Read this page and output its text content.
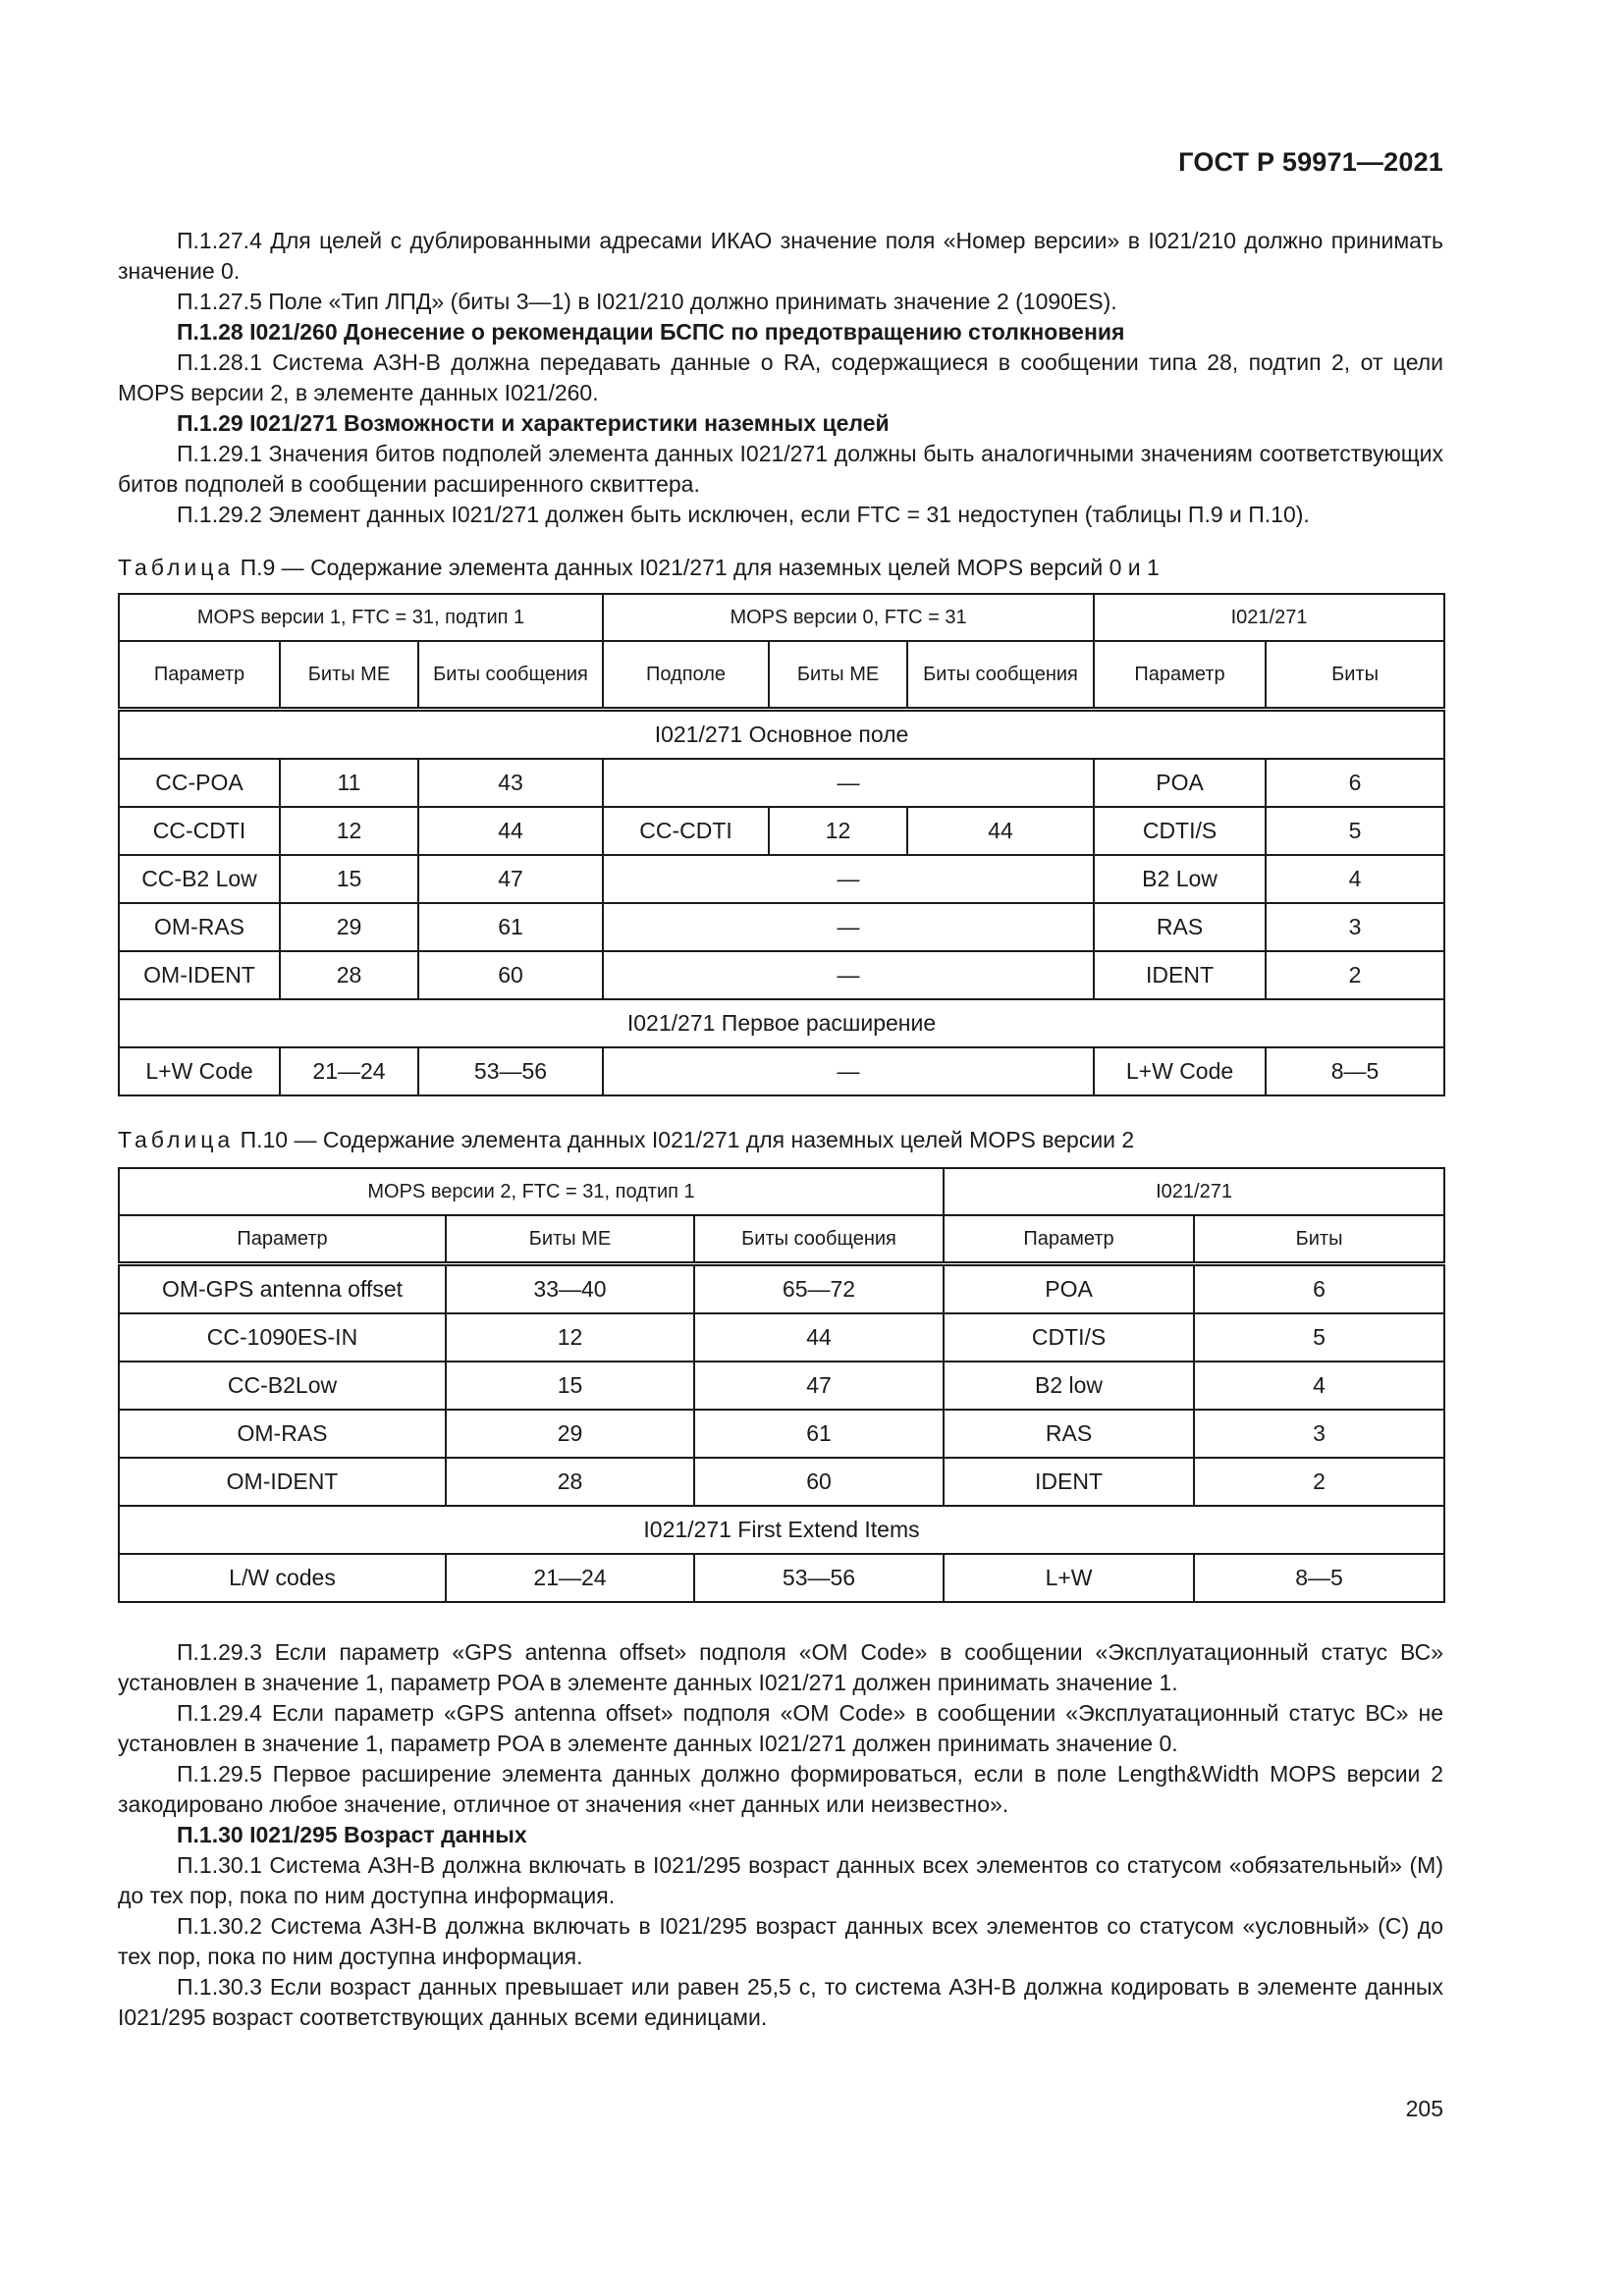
ГОСТ Р 59971—2021

П.1.27.4 Для целей с дублированными адресами ИКАО значение поля «Номер версии» в I021/210 должно принимать значение 0.

П.1.27.5 Поле «Тип ЛПД» (биты 3—1) в I021/210 должно принимать значение 2 (1090ES).

П.1.28 I021/260 Донесение о рекомендации БСПС по предотвращению столкновения

П.1.28.1 Система АЗН-В должна передавать данные о RA, содержащиеся в сообщении типа 28, подтип 2, от цели MOPS версии 2, в элементе данных I021/260.

П.1.29 I021/271 Возможности и характеристики наземных целей

П.1.29.1 Значения битов подполей элемента данных I021/271 должны быть аналогичными значениям соответствующих битов подполей в сообщении расширенного сквиттера.

П.1.29.2 Элемент данных I021/271 должен быть исключен, если FTC = 31 недоступен (таблицы П.9 и П.10).

Таблица П.9 — Содержание элемента данных I021/271 для наземных целей MOPS версий 0 и 1

MOPS версии 1, FTC = 31, подтип 1			MOPS версии 0, FTC = 31			I021/271	
Параметр	Биты ME	Биты сообщения	Подполе	Биты ME	Биты сообщения	Параметр	Биты
I021/271 Основное поле							
CC-POA	11	43	—			POA	6
CC-CDTI	12	44	CC-CDTI	12	44	CDTI/S	5
CC-B2 Low	15	47	—			B2 Low	4
OM-RAS	29	61	—			RAS	3
OM-IDENT	28	60	—			IDENT	2
I021/271 Первое расширение							
L+W Code	21—24	53—56	—			L+W Code	8—5

Таблица П.10 — Содержание элемента данных I021/271 для наземных целей MOPS версии 2

MOPS версии 2, FTC = 31, подтип 1			I021/271	
Параметр	Биты ME	Биты сообщения	Параметр	Биты
OM-GPS antenna offset	33—40	65—72	POA	6
CC-1090ES-IN	12	44	CDTI/S	5
CC-B2Low	15	47	B2 low	4
OM-RAS	29	61	RAS	3
OM-IDENT	28	60	IDENT	2
I021/271 First Extend Items				
L/W codes	21—24	53—56	L+W	8—5

П.1.29.3 Если параметр «GPS antenna offset» подполя «OM Code» в сообщении «Эксплуатационный статус ВС» установлен в значение 1, параметр POA в элементе данных I021/271 должен принимать значение 1.

П.1.29.4 Если параметр «GPS antenna offset» подполя «OM Code» в сообщении «Эксплуатационный статус ВС» не установлен в значение 1, параметр POA в элементе данных I021/271 должен принимать значение 0.

П.1.29.5 Первое расширение элемента данных должно формироваться, если в поле Length&Width MOPS версии 2 закодировано любое значение, отличное от значения «нет данных или неизвестно».

П.1.30 I021/295 Возраст данных

П.1.30.1 Система АЗН-В должна включать в I021/295 возраст данных всех элементов со статусом «обязательный» (M) до тех пор, пока по ним доступна информация.

П.1.30.2 Система АЗН-В должна включать в I021/295 возраст данных всех элементов со статусом «условный» (C) до тех пор, пока по ним доступна информация.

П.1.30.3 Если возраст данных превышает или равен 25,5 с, то система АЗН-В должна кодировать в элементе данных I021/295 возраст соответствующих данных всеми единицами.

205
